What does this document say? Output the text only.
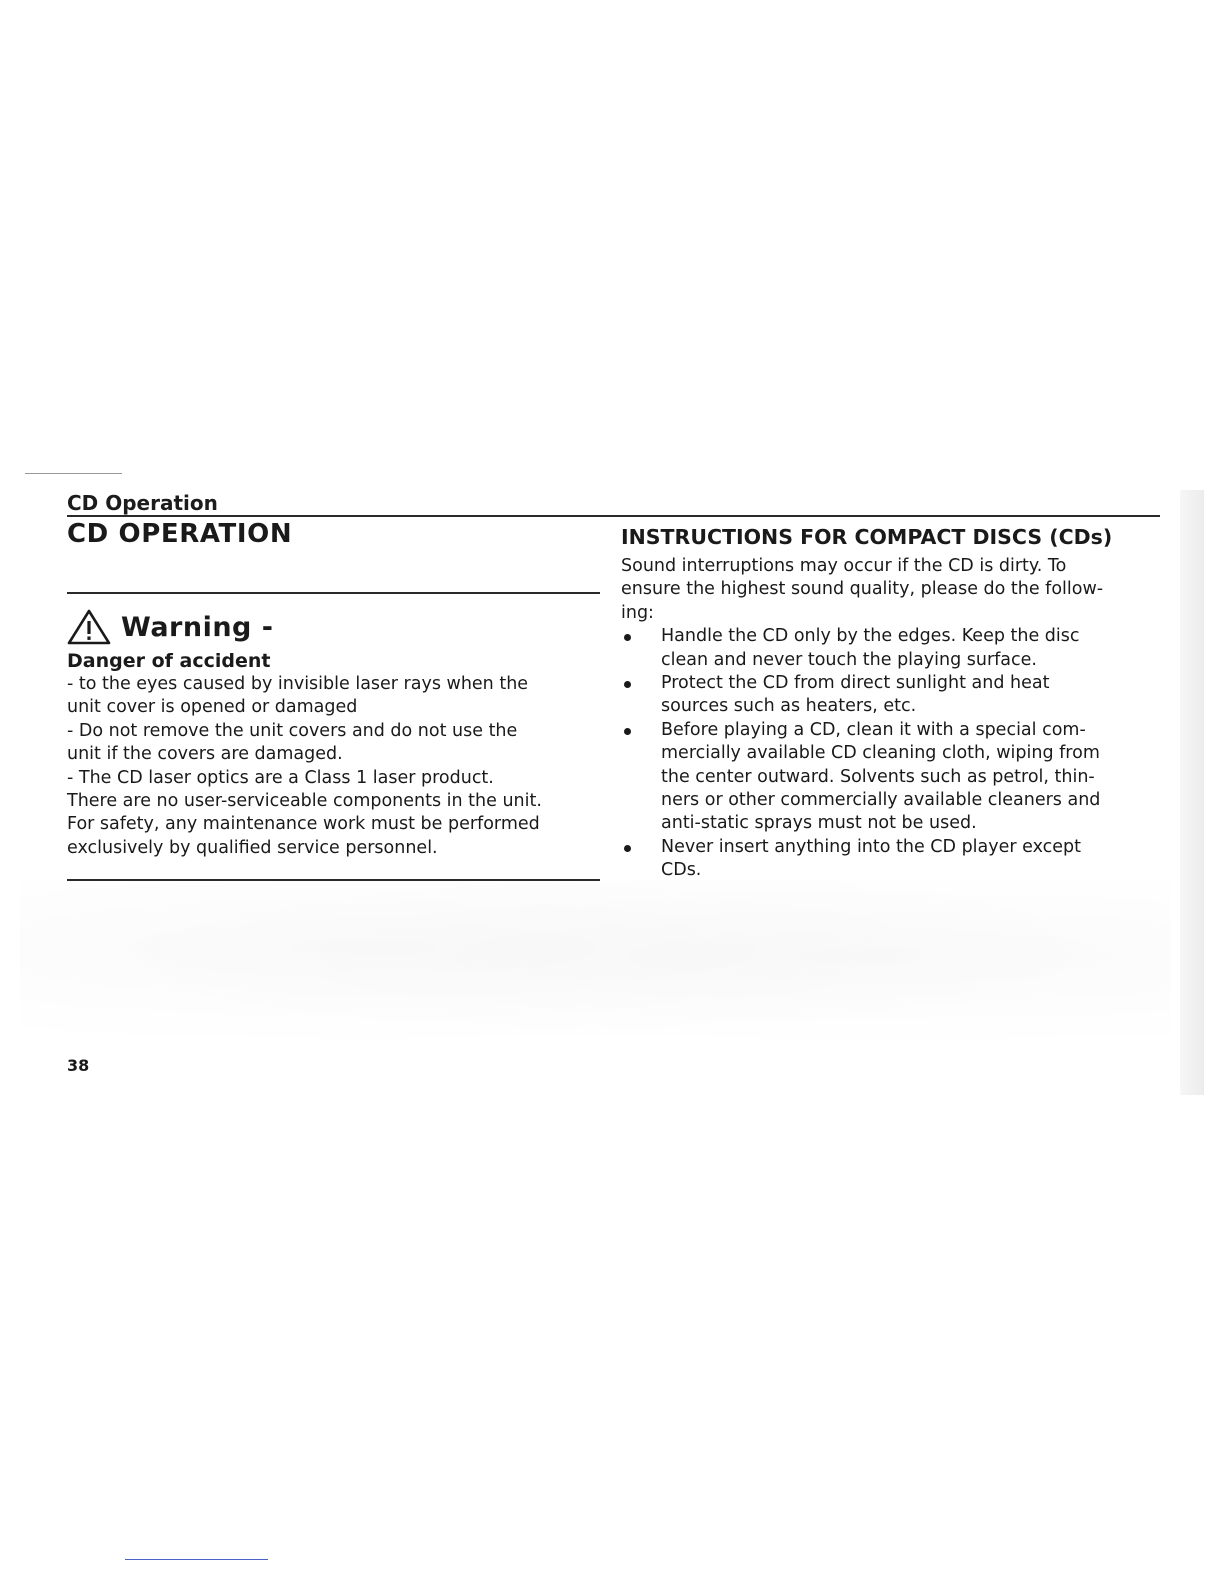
CD Operation
CD OPERATION
Warning -
Danger of accident
- to the eyes caused by invisible laser rays when the
unit cover is opened or damaged
- Do not remove the unit covers and do not use the
unit if the covers are damaged.
- The CD laser optics are a Class 1 laser product.
There are no user-serviceable components in the unit.
For safety, any maintenance work must be performed
exclusively by qualified service personnel.
INSTRUCTIONS FOR COMPACT DISCS (CDs)
Sound interruptions may occur if the CD is dirty. To
ensure the highest sound quality, please do the follow-
ing:
Handle the CD only by the edges. Keep the disc
clean and never touch the playing surface.
Protect the CD from direct sunlight and heat
sources such as heaters, etc.
Before playing a CD, clean it with a special com-
mercially available CD cleaning cloth, wiping from
the center outward. Solvents such as petrol, thin-
ners or other commercially available cleaners and
anti-static sprays must not be used.
Never insert anything into the CD player except
CDs.
38
